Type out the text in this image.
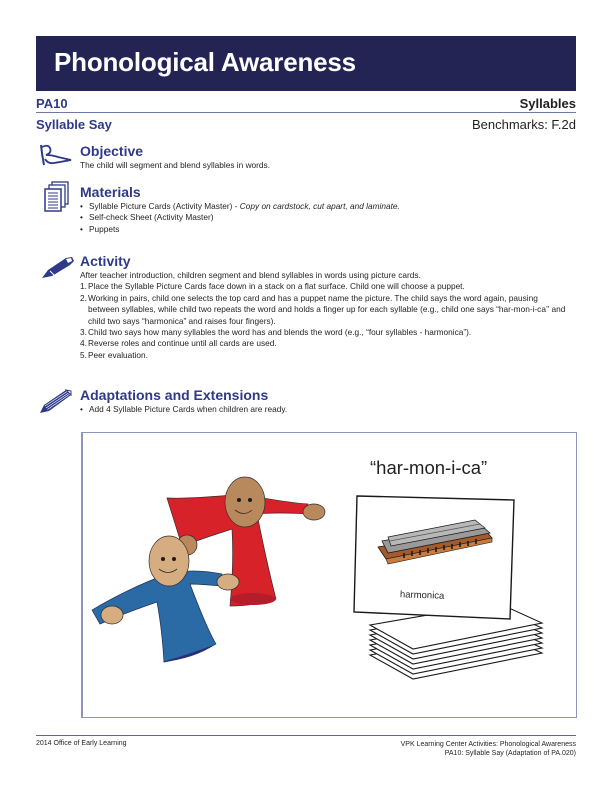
Phonological Awareness
PA10	Syllables
Syllable Say	Benchmarks: F.2d
Objective
The child will segment and blend syllables in words.
Materials
• Syllable Picture Cards (Activity Master) - Copy on cardstock, cut apart, and laminate.
• Self-check Sheet (Activity Master)
• Puppets
Activity
After teacher introduction, children segment and blend syllables in words using picture cards.
1. Place the Syllable Picture Cards face down in a stack on a flat surface. Child one will choose a puppet.
2. Working in pairs, child one selects the top card and has a puppet name the picture. The child says the word again, pausing between syllables, while child two repeats the word and holds a finger up for each syllable (e.g., child one says “har-mon-i-ca’’ and child two says “harmonica” and raises four fingers).
3. Child two says how many syllables the word has and blends the word (e.g., “four syllables - harmonica”).
4. Reverse roles and continue until all cards are used.
5. Peer evaluation.
Adaptations and Extensions
• Add 4 Syllable Picture Cards when children are ready.
“har-mon-i-ca”
harmonica
2014 Office of Early Learning	VPK Learning Center Activities: Phonological Awareness
PA10: Syllable Say (Adaptation of PA.020)
